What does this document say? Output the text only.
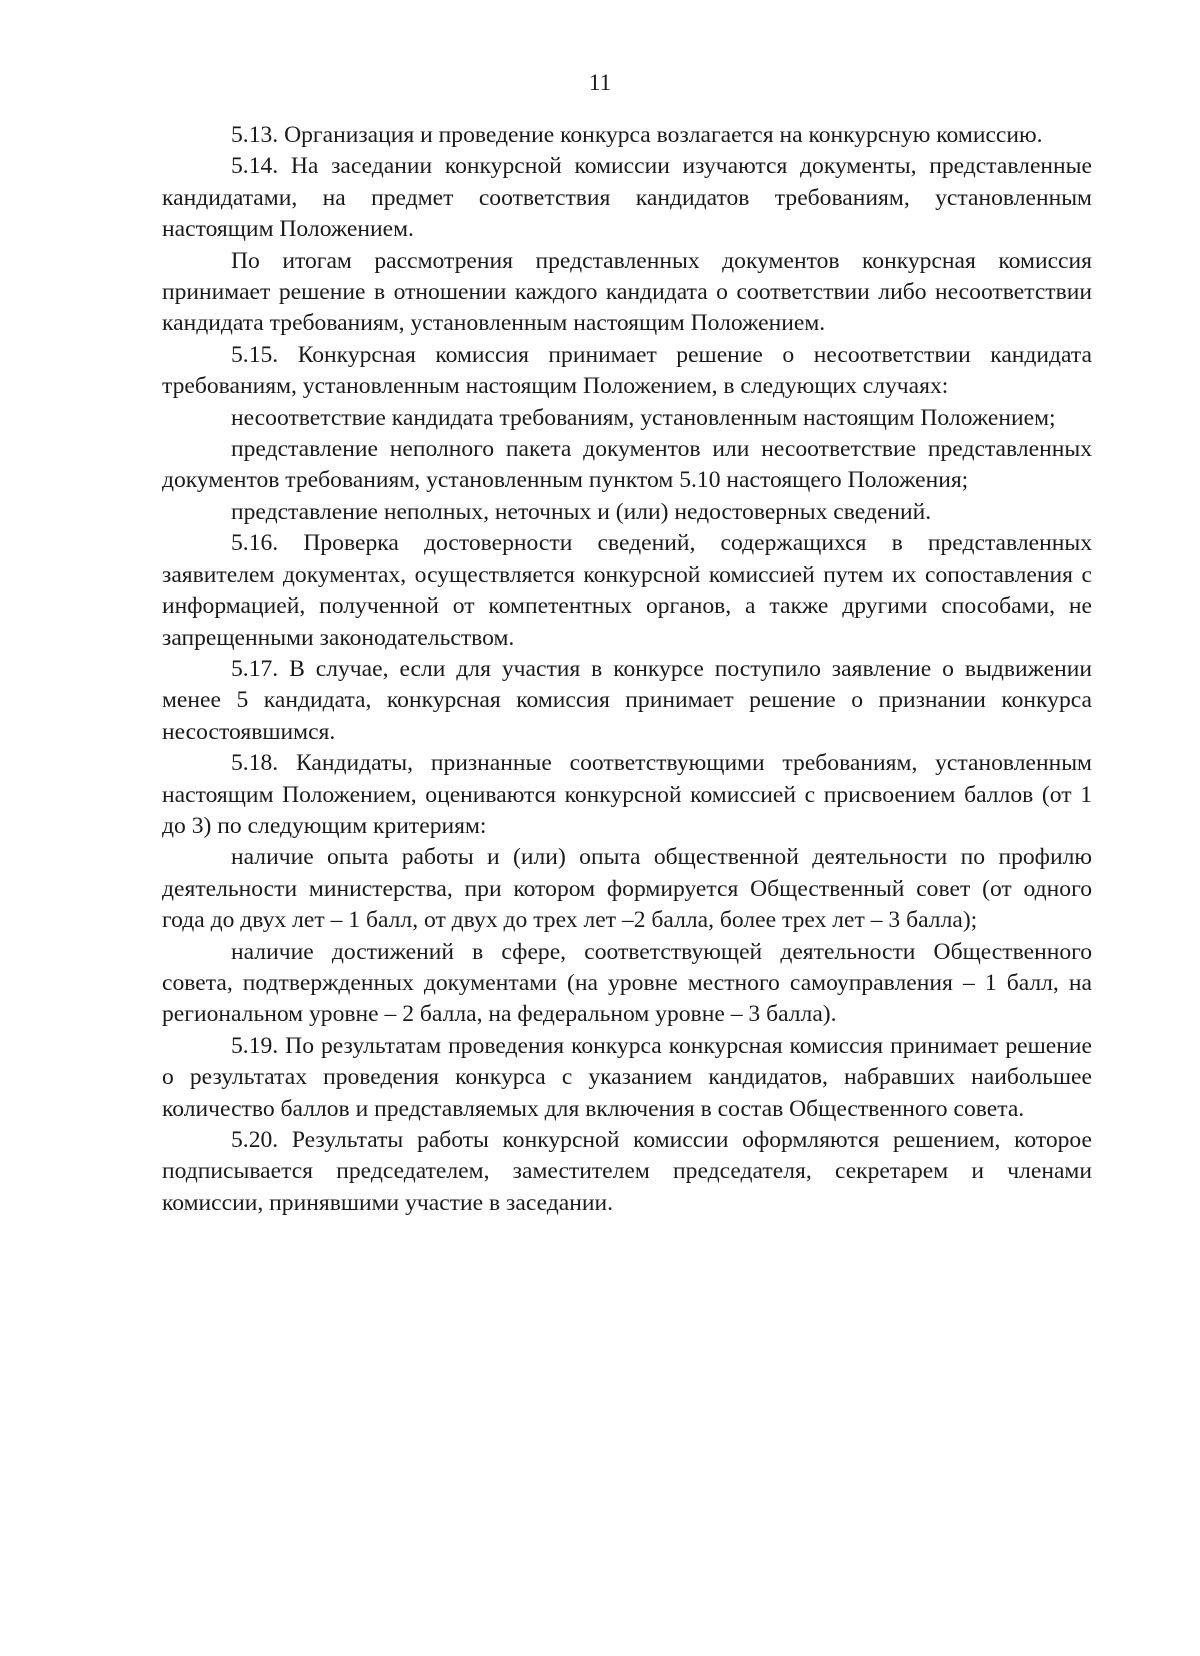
11

5.13. Организация и проведение конкурса возлагается на конкурсную комиссию.

5.14. На заседании конкурсной комиссии изучаются документы, представленные кандидатами, на предмет соответствия кандидатов требованиям, установленным настоящим Положением.

По итогам рассмотрения представленных документов конкурсная комиссия принимает решение в отношении каждого кандидата о соответствии либо несоответствии кандидата требованиям, установленным настоящим Положением.

5.15. Конкурсная комиссия принимает решение о несоответствии кандидата требованиям, установленным настоящим Положением, в следующих случаях:

несоответствие кандидата требованиям, установленным настоящим Положением;

представление неполного пакета документов или несоответствие представленных документов требованиям, установленным пунктом 5.10 настоящего Положения;

представление неполных, неточных и (или) недостоверных сведений.

5.16. Проверка достоверности сведений, содержащихся в представленных заявителем документах, осуществляется конкурсной комиссией путем их сопоставления с информацией, полученной от компетентных органов, а также другими способами, не запрещенными законодательством.

5.17. В случае, если для участия в конкурсе поступило заявление о выдвижении менее 5 кандидата, конкурсная комиссия принимает решение о признании конкурса несостоявшимся.

5.18. Кандидаты, признанные соответствующими требованиям, установленным настоящим Положением, оцениваются конкурсной комиссией с присвоением баллов (от 1 до 3) по следующим критериям:

наличие опыта работы и (или) опыта общественной деятельности по профилю деятельности министерства, при котором формируется Общественный совет (от одного года до двух лет – 1 балл, от двух до трех лет –2 балла, более трех лет – 3 балла);

наличие достижений в сфере, соответствующей деятельности Общественного совета, подтвержденных документами (на уровне местного самоуправления – 1 балл, на региональном уровне – 2 балла, на федеральном уровне – 3 балла).

5.19. По результатам проведения конкурса конкурсная комиссия принимает решение о результатах проведения конкурса с указанием кандидатов, набравших наибольшее количество баллов и представляемых для включения в состав Общественного совета.

5.20. Результаты работы конкурсной комиссии оформляются решением, которое подписывается председателем, заместителем председателя, секретарем и членами комиссии, принявшими участие в заседании.
